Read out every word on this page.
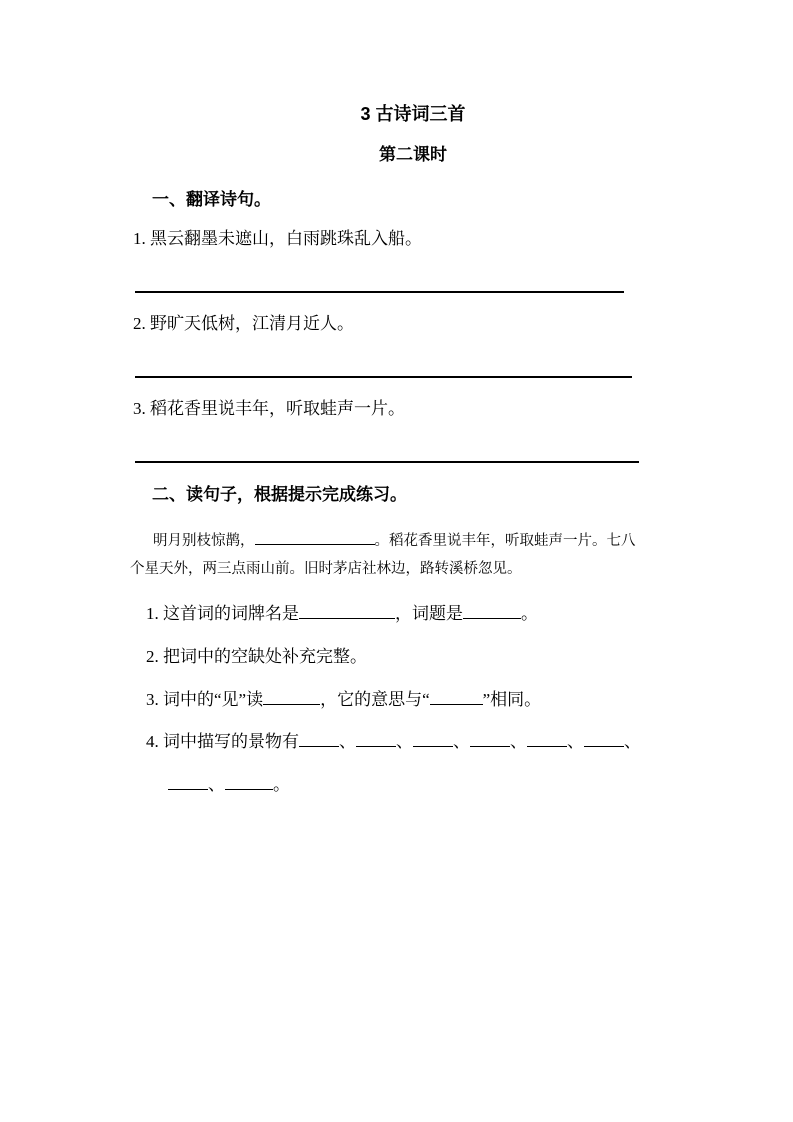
3 古诗词三首
第二课时
一、翻译诗句。
1. 黑云翻墨未遮山，白雨跳珠乱入船。
2. 野旷天低树，江清月近人。
3. 稻花香里说丰年，听取蛙声一片。
二、读句子，根据提示完成练习。
明月别枝惊鹊，	。稻花香里说丰年，听取蛙声一片。七八
个星天外，两三点雨山前。旧时茅店社林边，路转溪桥忽见。
1. 这首词的词牌名是	，词题是	。
2. 把词中的空缺处补充完整。
3. 词中的“见”读	，它的意思与“	”相同。
4. 词中描写的景物有 、 、 、 、 、 、
、	。
